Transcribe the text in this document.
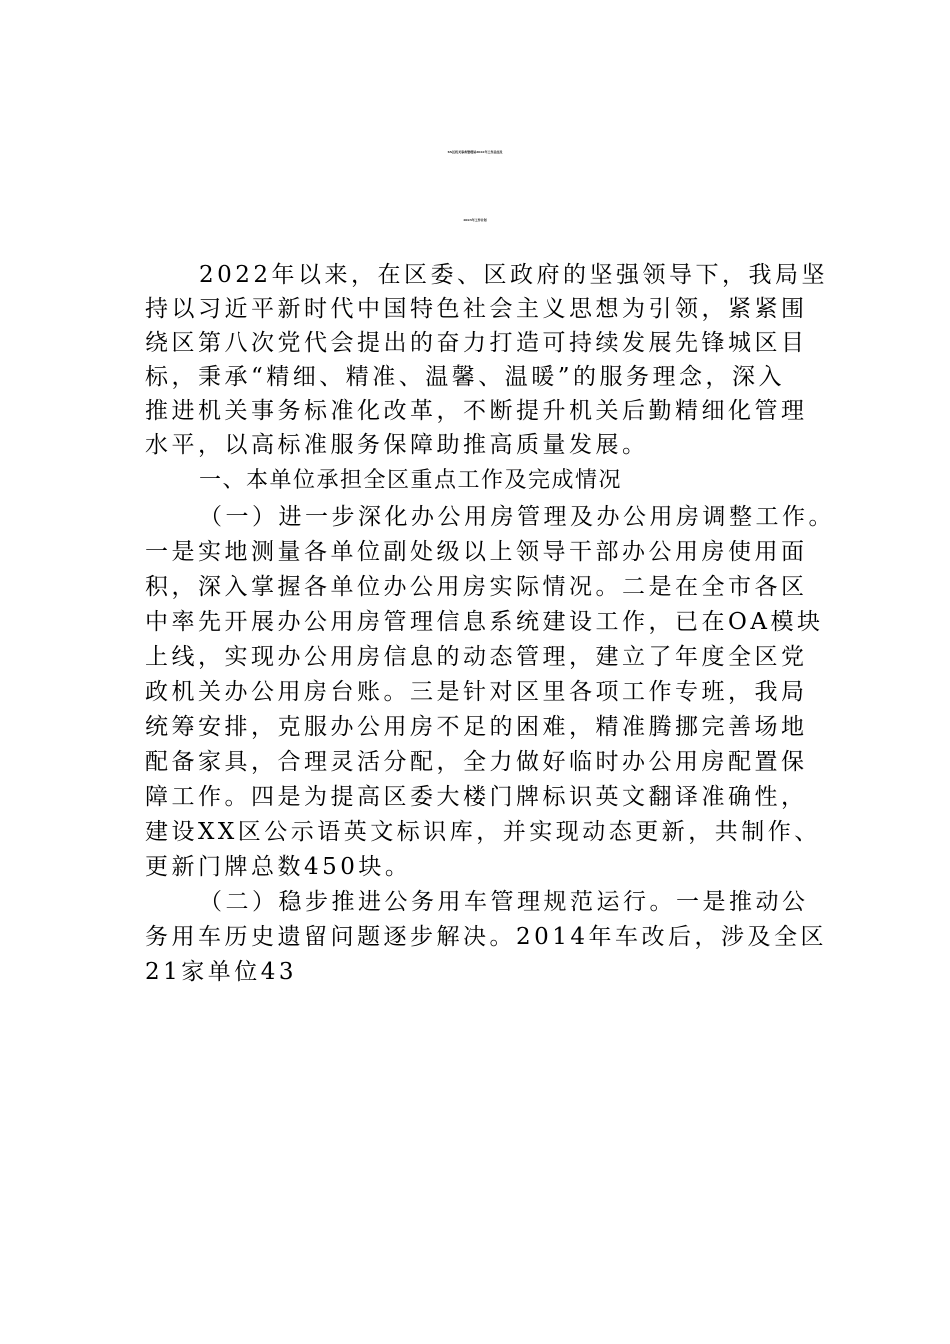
XX区机关事务管理局2022年工作总结及
2023年工作计划
2022年以来，在区委、区政府的坚强领导下，我局坚
持以习近平新时代中国特色社会主义思想为引领，紧紧围
绕区第八次党代会提出的奋力打造可持续发展先锋城区目
标，秉承“精细、精准、温馨、温暖”的服务理念，深入
推进机关事务标准化改革，不断提升机关后勤精细化管理
水平，以高标准服务保障助推高质量发展。
一、本单位承担全区重点工作及完成情况
（一）进一步深化办公用房管理及办公用房调整工作。
一是实地测量各单位副处级以上领导干部办公用房使用面
积，深入掌握各单位办公用房实际情况。二是在全市各区
中率先开展办公用房管理信息系统建设工作，已在OA模块
上线，实现办公用房信息的动态管理，建立了年度全区党
政机关办公用房台账。三是针对区里各项工作专班，我局
统筹安排，克服办公用房不足的困难，精准腾挪完善场地
配备家具，合理灵活分配，全力做好临时办公用房配置保
障工作。四是为提高区委大楼门牌标识英文翻译准确性，
建设XX区公示语英文标识库，并实现动态更新，共制作、
更新门牌总数450块。
（二）稳步推进公务用车管理规范运行。一是推动公
务用车历史遗留问题逐步解决。2014年车改后，涉及全区
21家单位43
